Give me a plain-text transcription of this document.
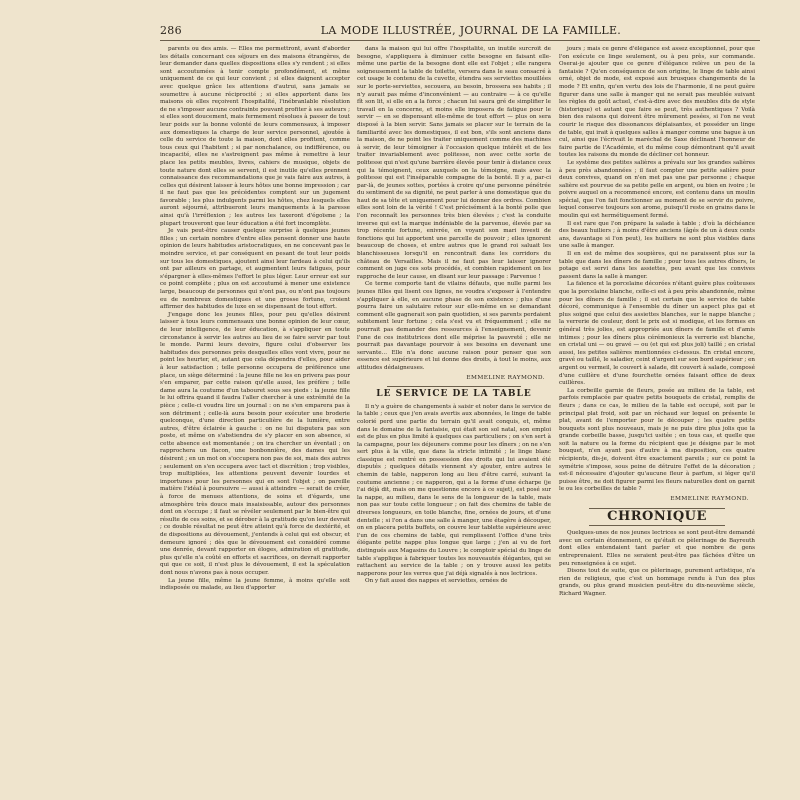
286	LA MODE ILLUSTRÉE, JOURNAL DE LA FAMILLE.

parents ou des amis. — Elles me permettront, avant d'aborder les détails concernant ces séjours en des maisons étrangères, de leur demander dans quelles dispositions elles s'y rendent ; si elles sont accoutumées à tenir compte profondément, et même uniquement de ce qui leur convient ; si elles daignent accepter avec quelque grâce les attentions d'autrui, sans jamais se soumettre à aucune réciprocité ; si elles apportent dans les maisons où elles reçoivent l'hospitalité, l'inébranlable résolution de ne s'imposer aucune contrainte pouvant profiter à ses auteurs ; si elles sont doucement, mais fermement résolues à passer de tout leur poids sur la bonne volonté de leurs commensaux, à imposer aux domestiques la charge de leur service personnel, ajoutée à celle du service de toute la maison, dont elles profitent, comme tous ceux qui l'habitent ; si par nonchalance, ou indifférence, ou incapacité, elles ne s'astreignent pas même à remettre à leur place les petits meubles, livres, cahiers de musique, objets de toute nature dont elles se servent, il est inutile qu'elles prennent connaissance des recommandations que je vais faire aux autres, à celles qui désirent laisser à leurs hôtes une bonne impression ; car il ne faut pas que les précédentes comptent sur un jugement favorable ; les plus indulgents parmi les hôtes, chez lesquels elles auront séjourné, attribueront leurs manquements à la paresse ainsi qu'à l'irréflexion ; les autres les taxeront d'égoïsme ; la plupart trouveront que leur éducation a été fort incomplète.

Je vais peut-être causer quelque surprise à quelques jeunes filles ; un certain nombre d'entre elles pensent donner une haute opinion de leurs habitudes aristocratiques, en ne concevant pas le moindre service, et par conséquent en pesant de tout leur poids sur tous les domestiques, ajoutent ainsi leur fardeau à celui qu'ils ont par ailleurs en partage, et augmentent leurs fatigues, pour s'épargner à elles-mêmes l'effort le plus léger. Leur erreur est sur ce point complète ; plus on est accoutumé à mener une existence large, beaucoup de personnes qui n'ont pas, ou n'ont pas toujours eu de nombreux domestiques et une grosse fortune, croient affirmer des habitudes de luxe en se dispensant de tout effort.

J'engage donc les jeunes filles, pour peu qu'elles désirent laisser à tous leurs commensaux une bonne opinion de leur cœur, de leur intelligence, de leur éducation, à s'appliquer en toute circonstance à servir les autres au lieu de se faire servir par tout le monde. Parmi leurs devoirs, figure celui d'observer les habitudes des personnes près desquelles elles vont vivre, pour ne point les heurter, et, autant que cela dépendra d'elles, pour aider à leur satisfaction ; telle personne occupera de préférence une place, un siège déterminé : la jeune fille ne les en privera pas pour s'en emparer, par cette raison qu'elle aussi, les préfère ; telle dame aura la coutume d'un tabouret sous ses pieds : la jeune fille le lui offrira quand il faudra l'aller chercher à une extrémité de la pièce ; celle-ci voudra lire un journal : on ne s'en emparera pas à son détriment ; celle-là aura besoin pour exécuter une broderie quelconque, d'une direction particulière de la lumière, entre autres, d'être éclairée à gauche : on ne lui disputera pas son poste, et même on s'abstiendra de s'y placer en son absence, si cette absence est momentanée ; on ira chercher un éventail ; on rapprochera un flacon, une bonbonnière, des dames qui les désirent ; en un mot on s'occupera non pas de soi, mais des autres ; seulement on s'en occupera avec tact et discrétion ; trop visibles, trop multipliées, les attentions peuvent devenir lourdes et importunes pour les personnes qui en sont l'objet ; on pareille matière l'idéal à poursuivre — aussi à atteindre — serait de créer, à force de menues attentions, de soins et d'égards, une atmosphère très douce mais insaisissable, autour des personnes dont on s'occupe ; il faut se révéler seulement par le bien-être qui résulte de ces soins, et se dérober à la gratitude qu'on leur devrait ; ce double résultat ne peut être atteint qu'à force de dextérité, et de dispositions au dévouement, j'entends à celui qui est obscur, et demeure ignoré ; dès que le dévouement est considéré comme une denrée, devant rapporter en éloges, admiration et gratitude, plus qu'elle n'a coûté en efforts et sacrifices, on devrait rapporter qui que ce soit, il n'est plus le dévouement, il est la spéculation dont nous n'avons pas à nous occuper.

La jeune fille, même la jeune femme, à moins qu'elle soit indisposée ou malade, au lieu d'apporter

dans la maison qui lui offre l'hospitalité, un inutile surcroît de besogne, s'appliquera à diminuer cette besogne en faisant elle-même une partie de la besogne dont elle est l'objet ; elle rangera soigneusement la table de toilette, versera dans le seau consacré à cet usage le contenu de la cuvette, étendra ses serviettes mouillées sur le porte-serviettes, secouera, au besoin, brossera ses habits ; il n'y aurait pas même d'inconvénient — au contraire — à ce qu'elle fît son lit, si elle en a la force ; chacun lui saura gré de simplifier le travail en la concerne, et moins elle imposera de fatigue pour le servir — en se dispensant elle-même de tout effort — plus on sera disposé à la bien servir. Sans jamais se placer sur le terrain de la familiarité avec les domestiques, il est bon, s'ils sont anciens dans la maison, de ne point les traiter uniquement comme des machines à servir, de leur témoigner à l'occasion quelque intérêt et de les traiter invariablement avec politesse, non avec cette sorte de politesse qui n'est qu'une barrière élevée pour tenir à distance ceux qui la témoignent, ceux auxquels on la témoigne, mais avec la politesse qui est l'inséparable compagne de la bonté. Il y a, par-ci par-là, de jeunes sottes, portées à croire qu'une personne pénétrée du sentiment de sa dignité, ne peut parler à une domestique que du haut de sa tête et uniquement pour lui donner des ordres. Combien elles sont loin de la vérité ! C'est précisément à la bonté polie que l'on reconnaît les personnes très bien élevées ; c'est la conduite inverse qui est la marque indéniable de la parvenue, élevée par sa trop récente fortune, enivrée, en voyant son mari investi de fonctions qui lui apportent une parcelle de pouvoir ; elles ignorent beaucoup de choses, et entre autres que le grand roi saluait les blanchisseuses lorsqu'il en rencontrait dans les corridors du château de Versailles. Mais il ne faut pas leur laisser ignorer comment on juge ces sots procédés, et combien rapidement on les rapproche de leur cause, en disant sur leur passage : Parvenue !

Ce terme comporte tant de vilains défauts, que nulle parmi les jeunes filles qui lisent ces lignes, ne voudra s'exposer à l'entendre s'appliquer à elle, en aucune phase de son existence ; plus d'une pourra faire un salutaire retour sur elle-même en se demandant comment elle gagnerait son pain quotidien, si ses parents perdaient subitement leur fortune ; cela s'est vu et fréquemment ; elle ne pourrait pas demander des ressources à l'enseignement, devenir l'une de ces institutrices dont elle méprise la pauvreté ; elle ne pourrait pas davantage pourvoir à ses besoins en devenant une servante… Elle n'a donc aucune raison pour penser que son essence est supérieure et lui donne des droits, à tout le moins, aux attitudes dédaigneuses.

EMMELINE RAYMOND.
LE SERVICE DE LA TABLE

Il n'y a guère de changements à saisir et noter dans le service de la table ; ceux que j'en avais avertis aux abonnées, le linge de table colorié perd une partie du terrain qu'il avait conquis, et, même dans le domaine de la fantaisie, qui était son sol natal, son emploi est de plus en plus limité à quelques cas particuliers ; on s'en sert à la campagne, pour les déjeuners comme pour les dîners ; on ne s'en sert plus à la ville, que dans la stricte intimité ; le linge blanc classique est rentré en possession des droits qui lui avaient été disputés ; quelques détails viennent s'y ajouter, entre autres le chemin de table, napperon long au lieu d'être carré, suivant la coutume ancienne ; ce napperon, qui a la forme d'une écharpe (je l'ai déjà dit, mais on me questionne encore à ce sujet), est posé sur la nappe, au milieu, dans le sens de la longueur de la table, mais non pas sur toute cette longueur ; on fait des chemins de table de diverses longueurs, en toile blanche, fine, ornées de jours, et d'une dentelle ; si l'on a dans une salle à manger, une étagère à découper, on en placera petits buffets, on couvre leur tablette supérieure avec l'un de ces chemins de table, qui remplissent l'office d'une très élégante petite nappe plus longue que large ; j'en ai vu de fort distingués aux Magasins du Louvre ; le comptoir spécial du linge de table s'applique à fabriquer toutes les nouveautés élégantes, qui se rattachent au service de la table ; on y trouve aussi les petits napperons pour les verres que j'ai déjà signalés à nos lectrices.

On y fait aussi des nappes et serviettes, ornées de

jours ; mais ce genre d'élégance est assez exceptionnel, pour que l'on exécute ce linge seulement, ou à peu près, sur commande. Oserai-je ajouter que ce genre d'élégance relève un peu de la fantaisie ? Qu'en conséquence de son origine, le linge de table ainsi orné, objet de mode, est exposé aux brusques changements de la mode ? Et enfin, qu'en vertu des lois de l'harmonie, il ne peut guère figurer dans une salle à manger qui ne serait pas meublée suivant les règles du goût actuel, c'est-à-dire avec des meubles dits de style (historique) et autant que faire se peut, très authentiques ? Voilà bien des raisons qui doivent être mûrement pesées, si l'on ne veut courir le risque des dissonances déplaisantes, et posséder un linge de table, qui irait à quelques salles à manger comme une bague à un cul, ainsi que l'écrivait le maréchal de Saxe déclinant l'honneur de faire partie de l'Académie, et du même coup démontrant qu'il avait toutes les raisons du monde de décliner cet honneur.

Le système des petites salières a prévalu sur les grandes salières à peu près abandonnées ; il faut compter une petite salière pour deux convives, quand on n'en met pas une par personne ; chaque salière est pourvue de sa petite pelle en argent, ou bien en ivoire ; le poivre auquel on a recommencé encore, est contenu dans un moulin spécial, que l'on fait fonctionner au moment de se servir du poivre, lequel conserve toujours son arome, puisqu'il reste en grains dans le moulin qui est hermétiquement fermé.

Il est rare que l'on prépare la salade à table ; d'où la déchéance des beaux huiliers ; à moins d'être anciens (âgés de un à deux cents ans, davantage si l'on peut), les huiliers ne sont plus visibles dans une salle à manger.

Il en est de même des soupières, qui ne paraissent plus sur la table que dans les dîners de famille ; pour tous les autres dîners, le potage est servi dans les assiettes, peu avant que les convives passent dans la salle à manger.

La faïence et la porcelaine décorées n'étant guère plus coûteuses que la porcelaine blanche, celle-ci est à peu près abandonnée, même pour les dîners de famille ; il est certain que le service de table décoré, communique à l'ensemble du dîner un aspect plus gai et plus soigné que celui des assiettes blanches, sur le nappe blanche ; la verrerie de couleur, dont le prix est si modique, et les formes en général très jolies, est appropriée aux dîners de famille et d'amis intimes ; pour les dîners plus cérémonieux la verrerie est blanche, en cristal uni — ou gravé — ou (et qui est plus joli) taillé ; en cristal aussi, les petites salières mentionnées ci-dessus. En cristal encore, gravé ou taillé, le saladier, ceint d'argent sur son bord supérieur ; en argent ou vermeil, le couvert à salade, dit couvert à salade, composé d'une cuillère et d'une fourchette ornées faisant office de deux cuillères.

La corbeille garnie de fleurs, posée au milieu de la table, est parfois remplacée par quatre petits bouquets de cristal, remplis de fleurs ; dans ce cas, le milieu de la table est occupé, soit par le principal plat froid, soit par un réchaud sur lequel on présente le plat, avant de l'emporter pour le découper ; les quatre petits bouquets sont plus nouveaux, mais je ne puis dire plus jolis que la grande corbeille basse, jusqu'ici usitée ; en tous cas, et quelle que soit la nature ou la forme du récipient que je désigne par le mot bouquet, n'en ayant pas d'autre à ma disposition, ces quatre récipients, dis-je, doivent être exactement pareils ; sur ce point la symétrie s'impose, sous peine de détruire l'effet de la décoration ; est-il nécessaire d'ajouter qu'aucune fleur à parfum, si léger qu'il puisse être, ne doit figurer parmi les fleurs naturelles dont on garnit le ou les corbeilles de table ?

EMMELINE RAYMOND.
CHRONIQUE

Quelques-unes de nos jeunes lectrices se sont peut-être demandé avec un certain étonnement, ce qu'était ce pèlerinage de Bayreuth dont elles entendaient tant parler et que nombre de gens entreprenaient. Elles ne seraient peut-être pas fâchées d'être un peu renseignées à ce sujet.

Disons tout de suite, que ce pèlerinage, purement artistique, n'a rien de religieux, que c'est un hommage rendu à l'un des plus grands, ou plus grand musicien peut-être du dix-neuvième siècle, Richard Wagner.
